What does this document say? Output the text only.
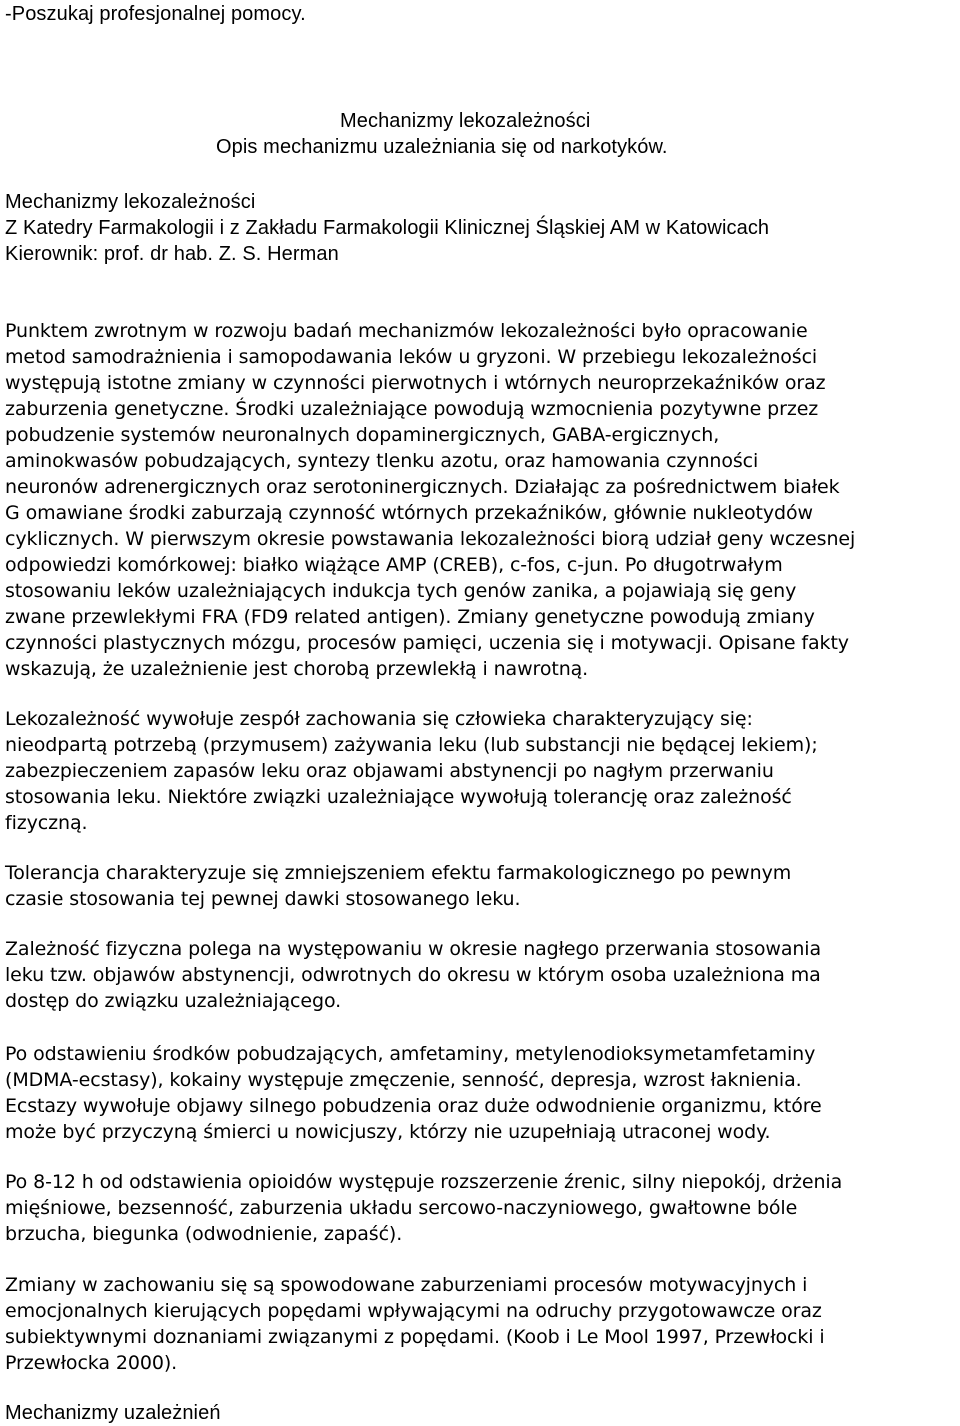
-Poszukaj profesjonalnej pomocy.
Mechanizmy lekozależności
Opis mechanizmu uzależniania się od narkotyków.
Mechanizmy lekozależności
Z Katedry Farmakologii i z Zakładu Farmakologii Klinicznej Śląskiej AM w Katowicach
Kierownik: prof. dr hab. Z. S. Herman
Punktem zwrotnym w rozwoju badań mechanizmów lekozależności było opracowanie
metod samodrażnienia i samopodawania leków u gryzoni. W przebiegu lekozależności
występują istotne zmiany w czynności pierwotnych i wtórnych neuroprzekaźników oraz
zaburzenia genetyczne. Środki uzależniające powodują wzmocnienia pozytywne przez
pobudzenie systemów neuronalnych dopaminergicznych, GABA-ergicznych,
aminokwasów pobudzających, syntezy tlenku azotu, oraz hamowania czynności
neuronów adrenergicznych oraz serotoninergicznych. Działając za pośrednictwem białek
G omawiane środki zaburzają czynność wtórnych przekaźników, głównie nukleotydów
cyklicznych. W pierwszym okresie powstawania lekozależności biorą udział geny wczesnej
odpowiedzi komórkowej: białko wiążące AMP (CREB), c-fos, c-jun. Po długotrwałym
stosowaniu leków uzależniających indukcja tych genów zanika, a pojawiają się geny
zwane przewlekłymi FRA (FD9 related antigen). Zmiany genetyczne powodują zmiany
czynności plastycznych mózgu, procesów pamięci, uczenia się i motywacji. Opisane fakty
wskazują, że uzależnienie jest chorobą przewlekłą i nawrotną.
Lekozależność wywołuje zespół zachowania się człowieka charakteryzujący się:
nieodpartą potrzebą (przymusem) zażywania leku (lub substancji nie będącej lekiem);
zabezpieczeniem zapasów leku oraz objawami abstynencji po nagłym przerwaniu
stosowania leku. Niektóre związki uzależniające wywołują tolerancję oraz zależność
fizyczną.
Tolerancja charakteryzuje się zmniejszeniem efektu farmakologicznego po pewnym
czasie stosowania tej pewnej dawki stosowanego leku.
Zależność fizyczna polega na występowaniu w okresie nagłego przerwania stosowania
leku tzw. objawów abstynencji, odwrotnych do okresu w którym osoba uzależniona ma
dostęp do związku uzależniającego.
Po odstawieniu środków pobudzających, amfetaminy, metylenodioksymetamfetaminy
(MDMA-ecstasy), kokainy występuje zmęczenie, senność, depresja, wzrost łaknienia.
Ecstazy wywołuje objawy silnego pobudzenia oraz duże odwodnienie organizmu, które
może być przyczyną śmierci u nowicjuszy, którzy nie uzupełniają utraconej wody.
Po 8-12 h od odstawienia opioidów występuje rozszerzenie źrenic, silny niepokój, drżenia
mięśniowe, bezsenność, zaburzenia układu sercowo-naczyniowego, gwałtowne bóle
brzucha, biegunka (odwodnienie, zapaść).
Zmiany w zachowaniu się są spowodowane zaburzeniami procesów motywacyjnych i
emocjonalnych kierujących popędami wpływającymi na odruchy przygotowawcze oraz
subiektywnymi doznaniami związanymi z popędami. (Koob i Le Mool 1997, Przewłocki i
Przewłocka 2000).
Mechanizmy uzależnień
